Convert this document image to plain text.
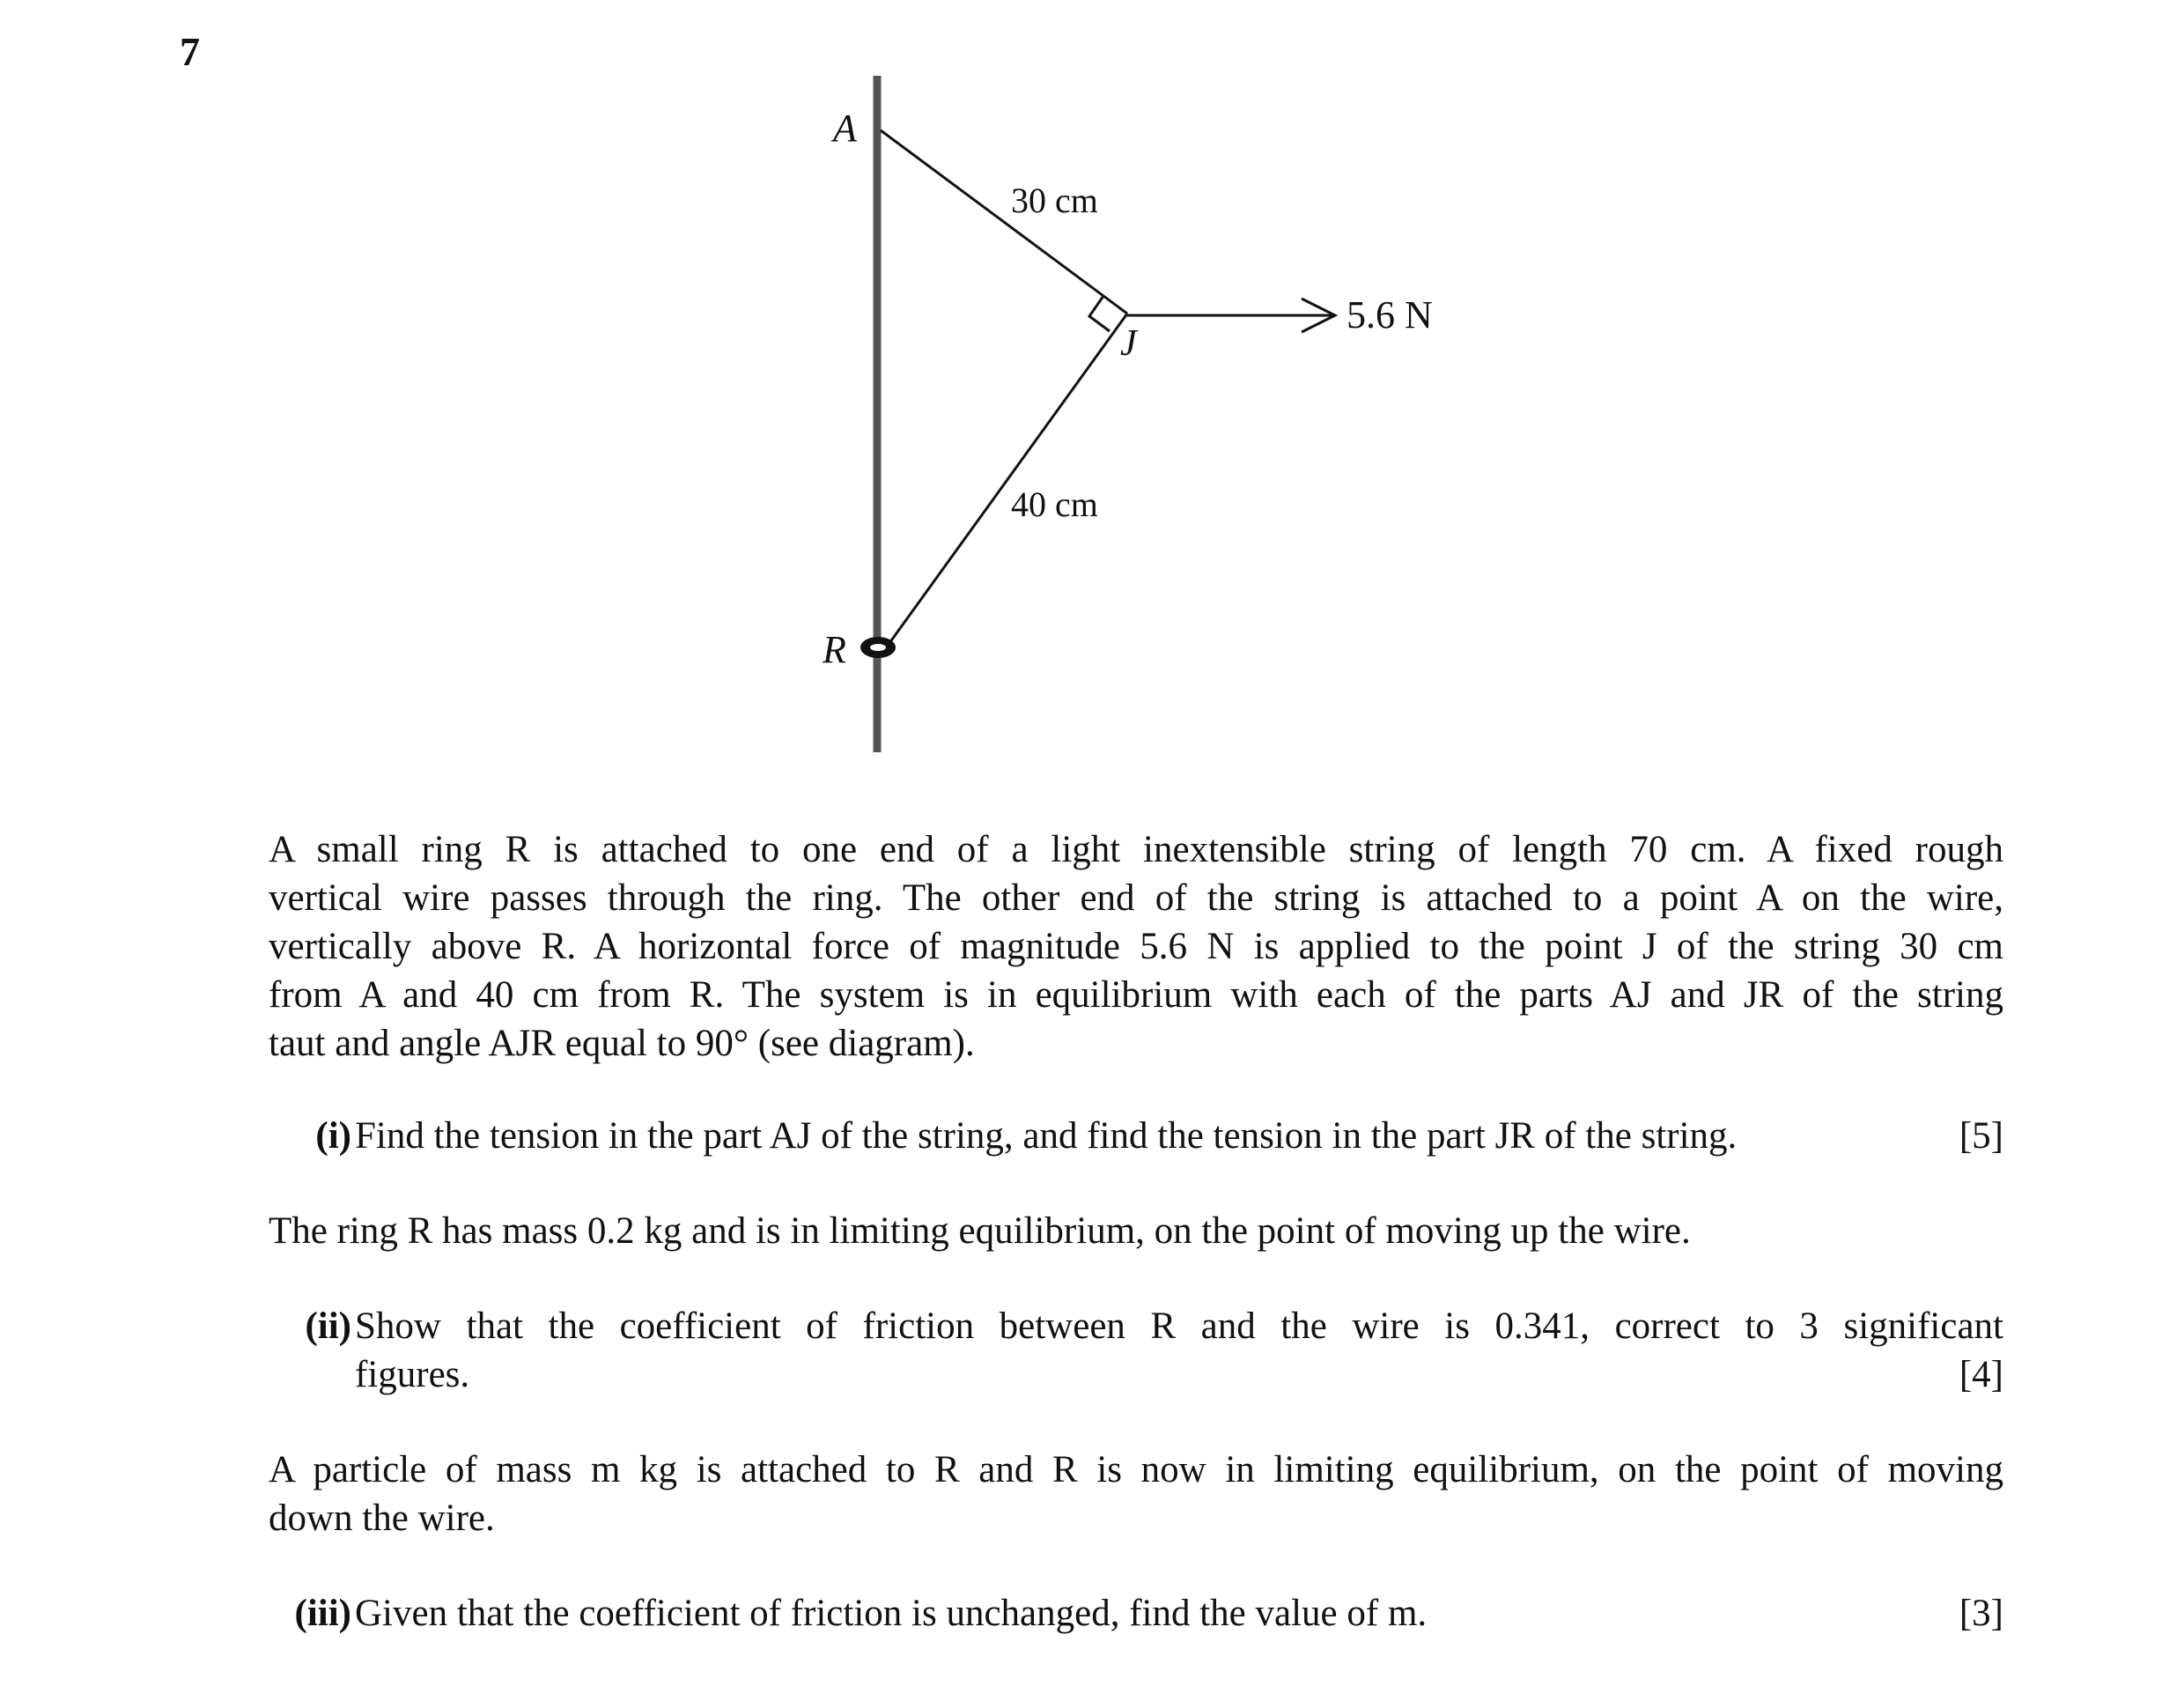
7
A
J
R
30 cm
40 cm
5.6 N
A small ring R is attached to one end of a light inextensible string of length 70 cm. A fixed rough
vertical wire passes through the ring. The other end of the string is attached to a point A on the wire,
vertically above R. A horizontal force of magnitude 5.6 N is applied to the point J of the string 30 cm
from A and 40 cm from R. The system is in equilibrium with each of the parts AJ and JR of the string
taut and angle AJR equal to 90° (see diagram).
(i) Find the tension in the part AJ of the string, and find the tension in the part JR of the string.	[5]
The ring R has mass 0.2 kg and is in limiting equilibrium, on the point of moving up the wire.
(ii) Show that the coefficient of friction between R and the wire is 0.341, correct to 3 significant
figures.	[4]
A particle of mass m kg is attached to R and R is now in limiting equilibrium, on the point of moving
down the wire.
(iii) Given that the coefficient of friction is unchanged, find the value of m.	[3]
